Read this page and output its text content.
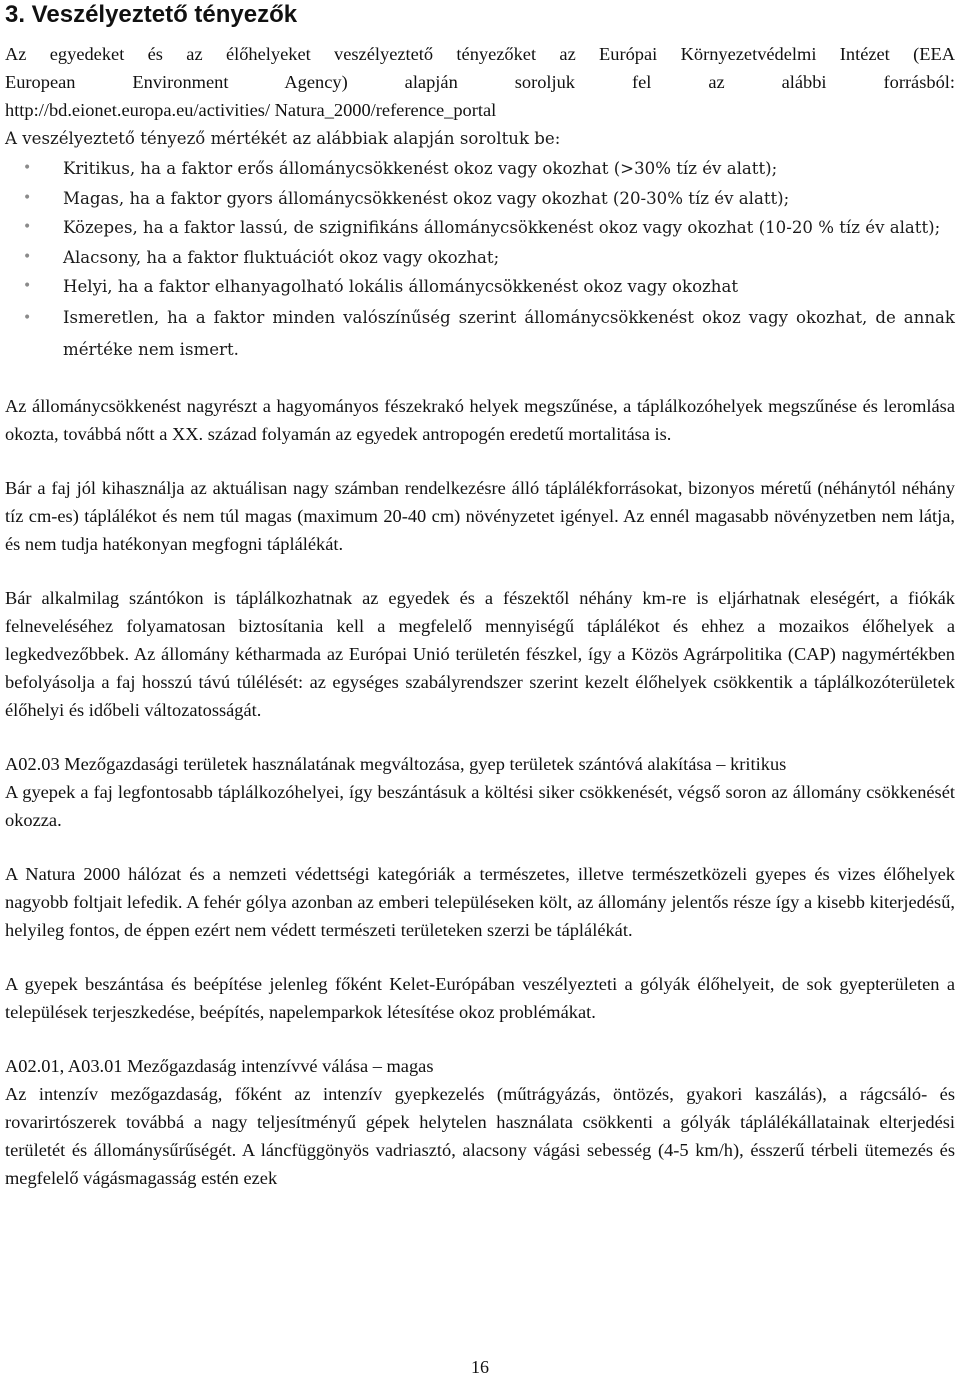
3. Veszélyeztető tényezők

Az egyedeket és az élőhelyeket veszélyeztető tényezőket az Európai Környezetvédelmi Intézet (EEA

European Environment Agency) alapján soroljuk fel az alábbi forrásból:

http://bd.eionet.europa.eu/activities/ Natura_2000/reference_portal

A veszélyeztető tényező mértékét az alábbiak alapján soroltuk be:

• Kritikus, ha a faktor erős állománycsökkenést okoz vagy okozhat (>30% tíz év alatt);
• Magas, ha a faktor gyors állománycsökkenést okoz vagy okozhat (20-30% tíz év alatt);
• Közepes, ha a faktor lassú, de szignifikáns állománycsökkenést okoz vagy okozhat (10-20 % tíz év alatt);
• Alacsony, ha a faktor fluktuációt okoz vagy okozhat;
• Helyi, ha a faktor elhanyagolható lokális állománycsökkenést okoz vagy okozhat
• Ismeretlen, ha a faktor minden valószínűség szerint állománycsökkenést okoz vagy okozhat, de annak mértéke nem ismert.

Az állománycsökkenést nagyrészt a hagyományos fészekrakó helyek megszűnése, a táplálkozóhelyek megszűnése és leromlása okozta, továbbá nőtt a XX. század folyamán az egyedek antropogén eredetű mortalitása is.

Bár a faj jól kihasználja az aktuálisan nagy számban rendelkezésre álló táplálékforrásokat, bizonyos méretű (néhánytól néhány tíz cm-es) táplálékot és nem túl magas (maximum 20-40 cm) növényzetet igényel. Az ennél magasabb növényzetben nem látja, és nem tudja hatékonyan megfogni táplálékát.

Bár alkalmilag szántókon is táplálkozhatnak az egyedek és a fészektől néhány km-re is eljárhatnak eleségért, a fiókák felneveléséhez folyamatosan biztosítania kell a megfelelő mennyiségű táplálékot és ehhez a mozaikos élőhelyek a legkedvezőbbek. Az állomány kétharmada az Európai Unió területén fészkel, így a Közös Agrárpolitika (CAP) nagymértékben befolyásolja a faj hosszú távú túlélését: az egységes szabályrendszer szerint kezelt élőhelyek csökkentik a táplálkozóterületek élőhelyi és időbeli változatosságát.

A02.03 Mezőgazdasági területek használatának megváltozása, gyep területek szántóvá alakítása – kritikus

A gyepek a faj legfontosabb táplálkozóhelyei, így beszántásuk a költési siker csökkenését, végső soron az állomány csökkenését okozza.

A Natura 2000 hálózat és a nemzeti védettségi kategóriák a természetes, illetve természetközeli gyepes és vizes élőhelyek nagyobb foltjait lefedik. A fehér gólya azonban az emberi településeken költ, az állomány jelentős része így a kisebb kiterjedésű, helyileg fontos, de éppen ezért nem védett természeti területeken szerzi be táplálékát.

A gyepek beszántása és beépítése jelenleg főként Kelet-Európában veszélyezteti a gólyák élőhelyeit, de sok gyepterületen a települések terjeszkedése, beépítés, napelemparkok létesítése okoz problémákat.

A02.01, A03.01 Mezőgazdaság intenzívvé válása – magas

Az intenzív mezőgazdaság, főként az intenzív gyepkezelés (műtrágyázás, öntözés, gyakori kaszálás), a rágcsáló- és rovarirtószerek továbbá a nagy teljesítményű gépek helytelen használata csökkenti a gólyák táplálékállatainak elterjedési területét és állománysűrűségét. A láncfüggönyös vadriasztó, alacsony vágási sebesség (4-5 km/h), ésszerű térbeli ütemezés és megfelelő vágásmagasság estén ezek

16
